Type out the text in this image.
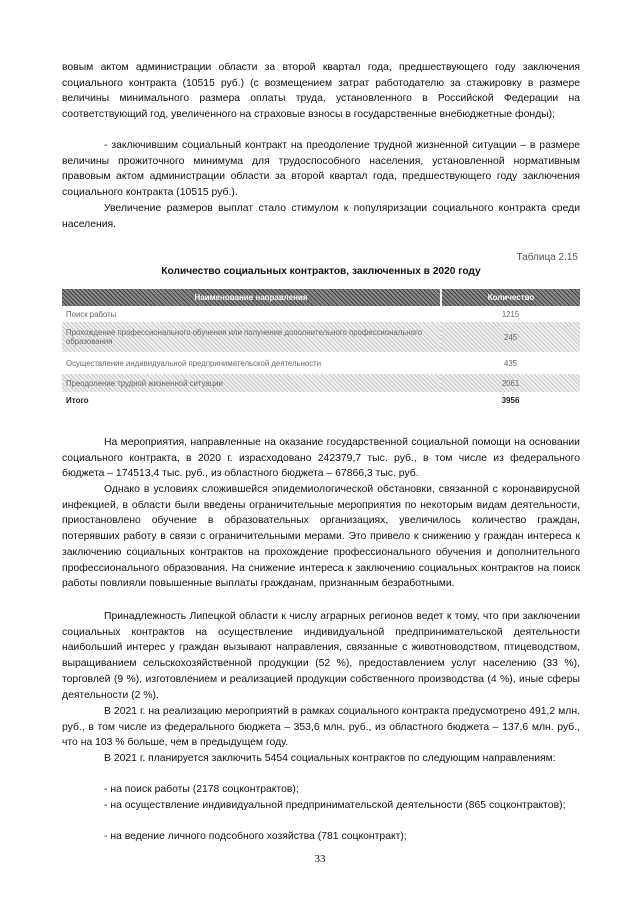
вовым актом администрации области за второй квартал года, предшествующего году заключения социального контракта (10515 руб.) (с возмещением затрат работодателю за стажировку в размере величины минимального размера оплаты труда, установленного в Российской Федерации на соответствующий год, увеличенного на страховые взносы в государственные внебюджетные фонды);

- заключившим социальный контракт на преодоление трудной жизненной ситуации – в размере величины прожиточного минимума для трудоспособного населения, установленной нормативным правовым актом администрации области за второй квартал года, предшествующего году заключения социального контракта (10515 руб.).

Увеличение размеров выплат стало стимулом к популяризации социального контракта среди населения.

Таблица 2.15
Количество социальных контрактов, заключенных в 2020 году
Наименование направления	Количество
Поиск работы	1215
Прохождение профессионального обучения или получение дополнительного профессионального образования	245
Осуществление индивидуальной предпринимательской деятельности	435
Преодоление трудной жизненной ситуации	2061
Итого	3956

На мероприятия, направленные на оказание государственной социальной помощи на основании социального контракта, в 2020 г. израсходовано 242379,7 тыс. руб., в том числе из федерального бюджета – 174513,4 тыс. руб., из областного бюджета – 67866,3 тыс. руб.

Однако в условиях сложившейся эпидемиологической обстановки, связанной с коронавирусной инфекцией, в области были введены ограничительные мероприятия по некоторым видам деятельности, приостановлено обучение в образовательных организациях, увеличилось количество граждан, потерявших работу в связи с ограничительными мерами. Это привело к снижению у граждан интереса к заключению социальных контрактов на прохождение профессионального обучения и дополнительного профессионального образования. На снижение интереса к заключению социальных контрактов на поиск работы повлияли повышенные выплаты гражданам, признанным безработными.

Принадлежность Липецкой области к числу аграрных регионов ведет к тому, что при заключении социальных контрактов на осуществление индивидуальной предпринимательской деятельности наибольший интерес у граждан вызывают направления, связанные с животноводством, птицеводством, выращиванием сельскохозяйственной продукции (52 %), предоставлением услуг населению (33 %), торговлей (9 %), изготовлением и реализацией продукции собственного производства (4 %), иные сферы деятельности (2 %).

В 2021 г. на реализацию мероприятий в рамках социального контракта предусмотрено 491,2 млн. руб., в том числе из федерального бюджета – 353,6 млн. руб., из областного бюджета – 137,6 млн. руб., что на 103 % больше, чем в предыдущем году.

В 2021 г. планируется заключить 5454 социальных контрактов по следующим направлениям:

- на поиск работы (2178 соцконтрактов);

- на осуществление индивидуальной предпринимательской деятельности (865 соцконтрактов);

- на ведение личного подсобного хозяйства (781 соцконтракт);

33
